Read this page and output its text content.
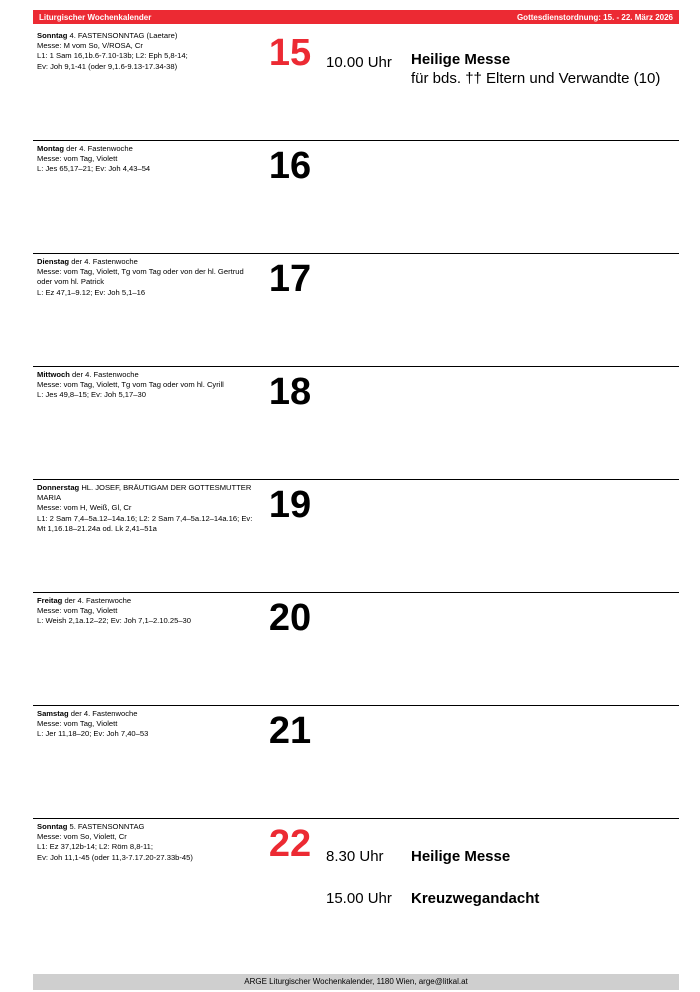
Liturgischer Wochenkalender	Gottesdienstordnung: 15. - 22. März 2026
Sonntag 4. FASTENSONNTAG (Laetare)
Messe: M vom So, V/ROSA, Cr
L1: 1 Sam 16,1b.6-7.10-13b; L2: Eph 5,8-14;
Ev: Joh 9,1-41 (oder 9,1.6-9.13-17.34-38)	15 10.00 Uhr	Heilige Messe
für bds. †† Eltern und Verwandte (10)
Montag der 4. Fastenwoche
Messe: vom Tag, Violett
L: Jes 65,17–21; Ev: Joh 4,43–54	16
Dienstag der 4. Fastenwoche
Messe: vom Tag, Violett, Tg vom Tag oder von der hl. Gertrud oder vom hl. Patrick
L: Ez 47,1–9.12; Ev: Joh 5,1–16	17
Mittwoch der 4. Fastenwoche
Messe: vom Tag, Violett, Tg vom Tag oder vom hl. Cyrill
L: Jes 49,8–15; Ev: Joh 5,17–30	18
Donnerstag HL. JOSEF, BRÄUTIGAM DER GOTTESMUTTER MARIA
Messe: vom H, Weiß, Gl, Cr
L1: 2 Sam 7,4–5a.12–14a.16; L2: 2 Sam 7,4–5a.12–14a.16; Ev: Mt 1,16.18–21.24a od. Lk 2,41–51a
19
Freitag der 4. Fastenwoche
Messe: vom Tag, Violett
L: Weish 2,1a.12–22; Ev: Joh 7,1–2.10.25–30	20
Samstag der 4. Fastenwoche
Messe: vom Tag, Violett
L: Jer 11,18–20; Ev: Joh 7,40–53	21
Sonntag 5. FASTENSONNTAG
Messe: vom So, Violett, Cr
L1: Ez 37,12b-14; L2: Röm 8,8-11;
Ev: Joh 11,1-45 (oder 11,3-7.17.20-27.33b-45)	22 8.30 Uhr	Heilige Messe
15.00 Uhr	Kreuzwegandacht
ARGE Liturgischer Wochenkalender, 1180 Wien, arge@litkal.at
